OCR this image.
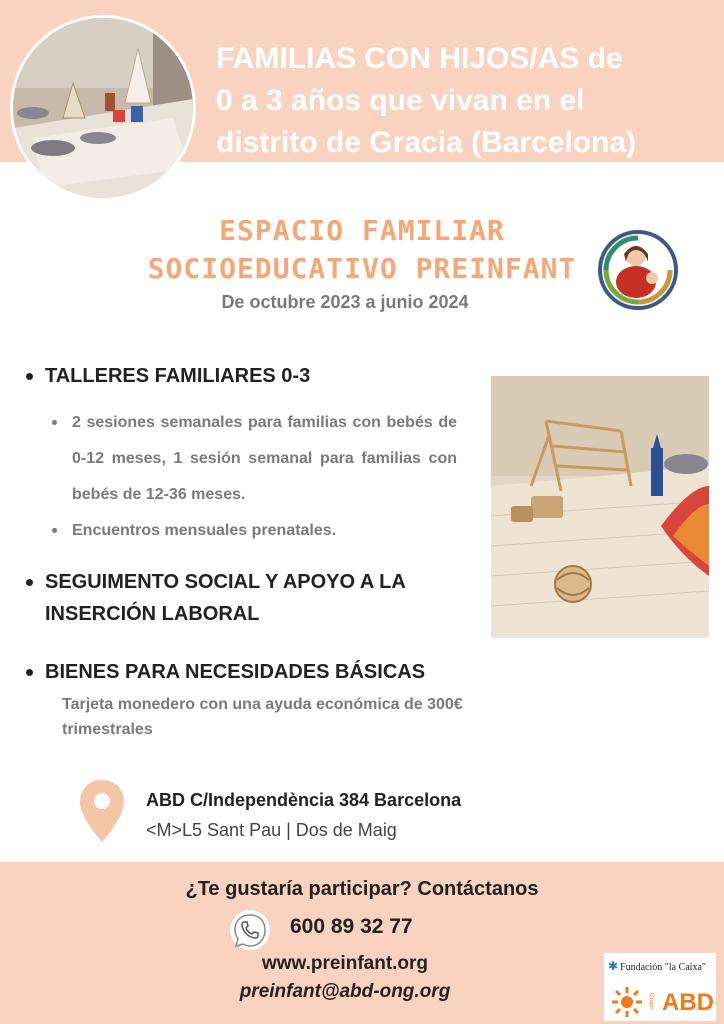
FAMILIAS CON HIJOS/AS de
0 a 3 años que vivan en el
distrito de Gracia (Barcelona)
ESPACIO FAMILIAR
SOCIOEDUCATIVO PREINFANT
De octubre 2023 a junio 2024
TALLERES FAMILIARES 0-3
2 sesiones semanales para familias con bebés de 0-12 meses, 1 sesión semanal para familias con bebés de 12-36 meses.
Encuentros mensuales prenatales.
SEGUIMENTO SOCIAL Y APOYO A LA
INSERCIÓN LABORAL
BIENES PARA NECESIDADES BÁSICAS
Tarjeta monedero con una ayuda económica de 300€
trimestrales
ABD C/Independència 384 Barcelona
<M>L5 Sant Pau | Dos de Maig
¿Te gustaría participar? Contáctanos
600 89 32 77
www.preinfant.org
preinfant@abd-ong.org
✱ Fundación "la Caixa"
Grupo ABD
